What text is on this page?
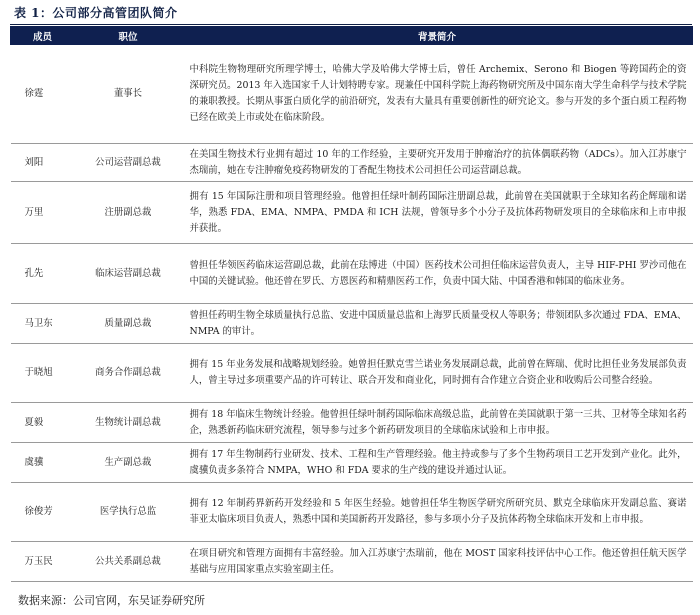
表 1：公司部分高管团队简介
成员	职位	背景简介
徐霆	董事长	中科院生物物理研究所理学博士，哈佛大学及哈佛大学博士后，曾任 Archemix、Serono 和 Biogen 等跨国药企的资深研究员。2013 年入选国家千人计划特聘专家。现兼任中国科学院上海药物研究所及中国东南大学生命科学与技术学院的兼职教授。长期从事蛋白质化学的前沿研究，发表有大量具有重要创新性的研究论文。参与开发的多个蛋白质工程药物已经在欧美上市或处在临床阶段。
刘阳	公司运营副总裁	在美国生物技术行业拥有超过 10 年的工作经验，主要研究开发用于肿瘤治疗的抗体偶联药物（ADCs）。加入江苏康宁杰瑞前，她在专注肿瘤免疫药物研发的丁香配生物技术公司担任公司运营副总裁。
万里	注册副总裁	拥有 15 年国际注册和项目管理经验。他曾担任绿叶制药国际注册副总裁，此前曾在美国就职于全球知名药企辉瑞和诺华，熟悉 FDA、EMA、NMPA、PMDA 和 ICH 法规，曾领导多个小分子及抗体药物研发项目的全球临床和上市申报并获批。
孔先	临床运营副总裁	曾担任华领医药临床运营副总裁，此前在珐博进（中国）医药技术公司担任临床运营负责人，主导 HIF-PHI 罗沙司他在中国的关键试验。他还曾在罗氏、方恩医药和精鼎医药工作，负责中国大陆、中国香港和韩国的临床业务。
马卫东	质量副总裁	曾担任药明生物全球质量执行总监、安进中国质量总监和上海罗氏质量受权人等职务；带领团队多次通过 FDA、EMA、NMPA 的审计。
于晓旭	商务合作副总裁	拥有 15 年业务发展和战略规划经验。她曾担任默克雪兰诺业务发展副总裁，此前曾在辉瑞、优时比担任业务发展部负责人，曾主导过多项重要产品的许可转让、联合开发和商业化，同时拥有合作建立合资企业和收购后公司整合经验。
夏毅	生物统计副总裁	拥有 18 年临床生物统计经验。他曾担任绿叶制药国际临床高级总监，此前曾在美国就职于第一三共、卫材等全球知名药企，熟悉新药临床研究流程，领导参与过多个新药研发项目的全球临床试验和上市申报。
虞骥	生产副总裁	拥有 17 年生物制药行业研发、技术、工程和生产管理经验。他主持或参与了多个生物药项目工艺开发到产业化。此外，虞骥负责多条符合 NMPA，WHO 和 FDA 要求的生产线的建设并通过认证。
徐俊芳	医学执行总监	拥有 12 年制药界新药开发经验和 5 年医生经验。她曾担任华生物医学研究所研究员、默克全球临床开发副总监、赛诺菲亚太临床项目负责人，熟悉中国和美国新药开发路径，参与多项小分子及抗体药物全球临床开发和上市申报。
万玉民	公共关系副总裁	在项目研究和管理方面拥有丰富经验。加入江苏康宁杰瑞前，他在 MOST 国家科技评估中心工作。他还曾担任航天医学基础与应用国家重点实验室副主任。
数据来源：公司官网，东吴证券研究所
